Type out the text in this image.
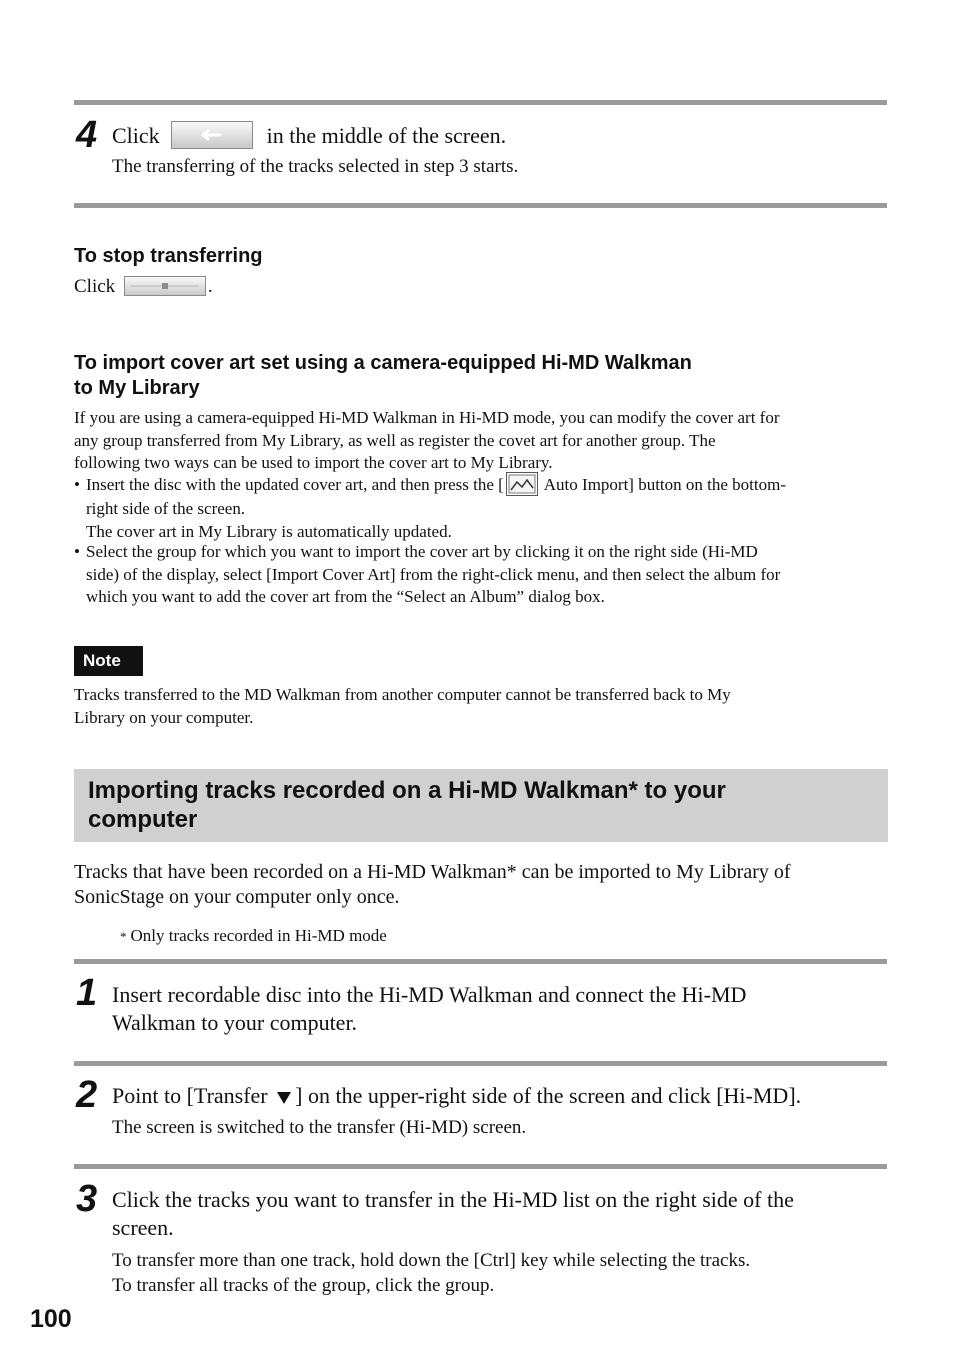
4 Click	in the middle of the screen.
The transferring of the tracks selected in step 3 starts.
To stop transferring
Click	.
To import cover art set using a camera-equipped Hi-MD Walkman
to My Library
If you are using a camera-equipped Hi-MD Walkman in Hi-MD mode, you can modify the cover art for
any group transferred from My Library, as well as register the covet art for another group. The
following two ways can be used to import the cover art to My Library.
• Insert the disc with the updated cover art, and then press the [ Auto Import] button on the bottom-
right side of the screen.
The cover art in My Library is automatically updated.
• Select the group for which you want to import the cover art by clicking it on the right side (Hi-MD
side) of the display, select [Import Cover Art] from the right-click menu, and then select the album for
which you want to add the cover art from the “Select an Album” dialog box.
Note
Tracks transferred to the MD Walkman from another computer cannot be transferred back to My
Library on your computer.
Importing tracks recorded on a Hi-MD Walkman* to your
computer
Tracks that have been recorded on a Hi-MD Walkman* can be imported to My Library of
SonicStage on your computer only once.
* Only tracks recorded in Hi-MD mode
1 Insert recordable disc into the Hi-MD Walkman and connect the Hi-MD
Walkman to your computer.
2 Point to [Transfer ] on the upper-right side of the screen and click [Hi-MD].
The screen is switched to the transfer (Hi-MD) screen.
3 Click the tracks you want to transfer in the Hi-MD list on the right side of the
screen.
To transfer more than one track, hold down the [Ctrl] key while selecting the tracks.
To transfer all tracks of the group, click the group.
100
